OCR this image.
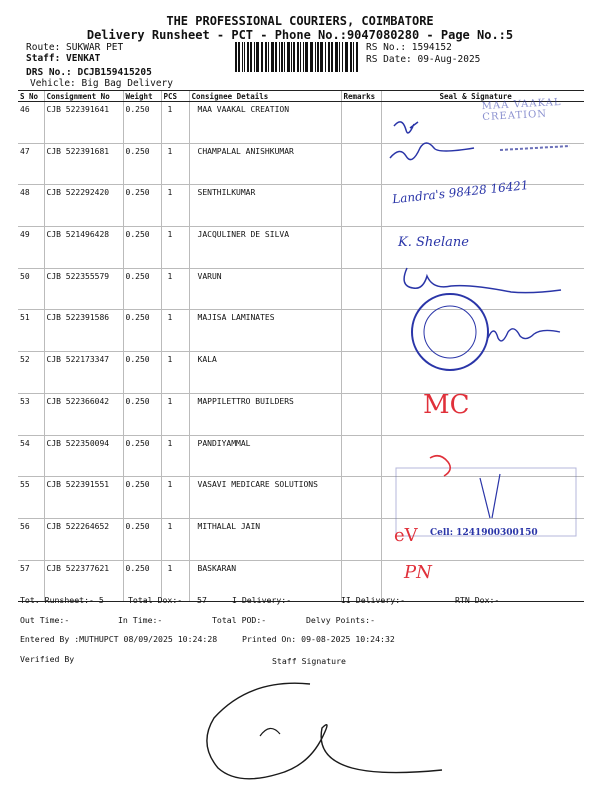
THE PROFESSIONAL COURIERS, COIMBATORE
Delivery Runsheet - PCT - Phone No.:9047080280 - Page No.:5
Route: SUKWAR PET
Staff: VENKAT
DRS No.: DCJB159415205
Vehicle: Big Bag Delivery
RS No.: 1594152
RS Date: 09-Aug-2025
S No	Consignment No	Weight	PCS	Consignee Details	Remarks	Seal & Signature
46	CJB 522391641	0.250	1	MAA VAAKAL CREATION		
47	CJB 522391681	0.250	1	CHAMPALAL ANISHKUMAR		
48	CJB 522292420	0.250	1	SENTHILKUMAR		
49	CJB 521496428	0.250	1	JACQULINER DE SILVA		
50	CJB 522355579	0.250	1	VARUN		
51	CJB 522391586	0.250	1	MAJISA LAMINATES		
52	CJB 522173347	0.250	1	KALA		
53	CJB 522366042	0.250	1	MAPPILETTRO BUILDERS		
54	CJB 522350094	0.250	1	PANDIYAMMAL		
55	CJB 522391551	0.250	1	VASAVI MEDICARE SOLUTIONS		
56	CJB 522264652	0.250	1	MITHALAL JAIN		
57	CJB 522377621	0.250	1	BASKARAN		
MAA VAAKAL CREATION
Landra's 98428 16421
K. Shelane
MC
Cell: 1241900300150
eV
PN
Tot. Runsheet:- 5	Total Dox:-   57	I Delivery:-	II Delivery:-	RTN Dox:-
Out Time:-	In Time:-	Total POD:-	Delvy Points:-
Entered By :MUTHUPCT 08/09/2025 10:24:28	Printed On: 09-08-2025 10:24:32
Verified By	Staff Signature
